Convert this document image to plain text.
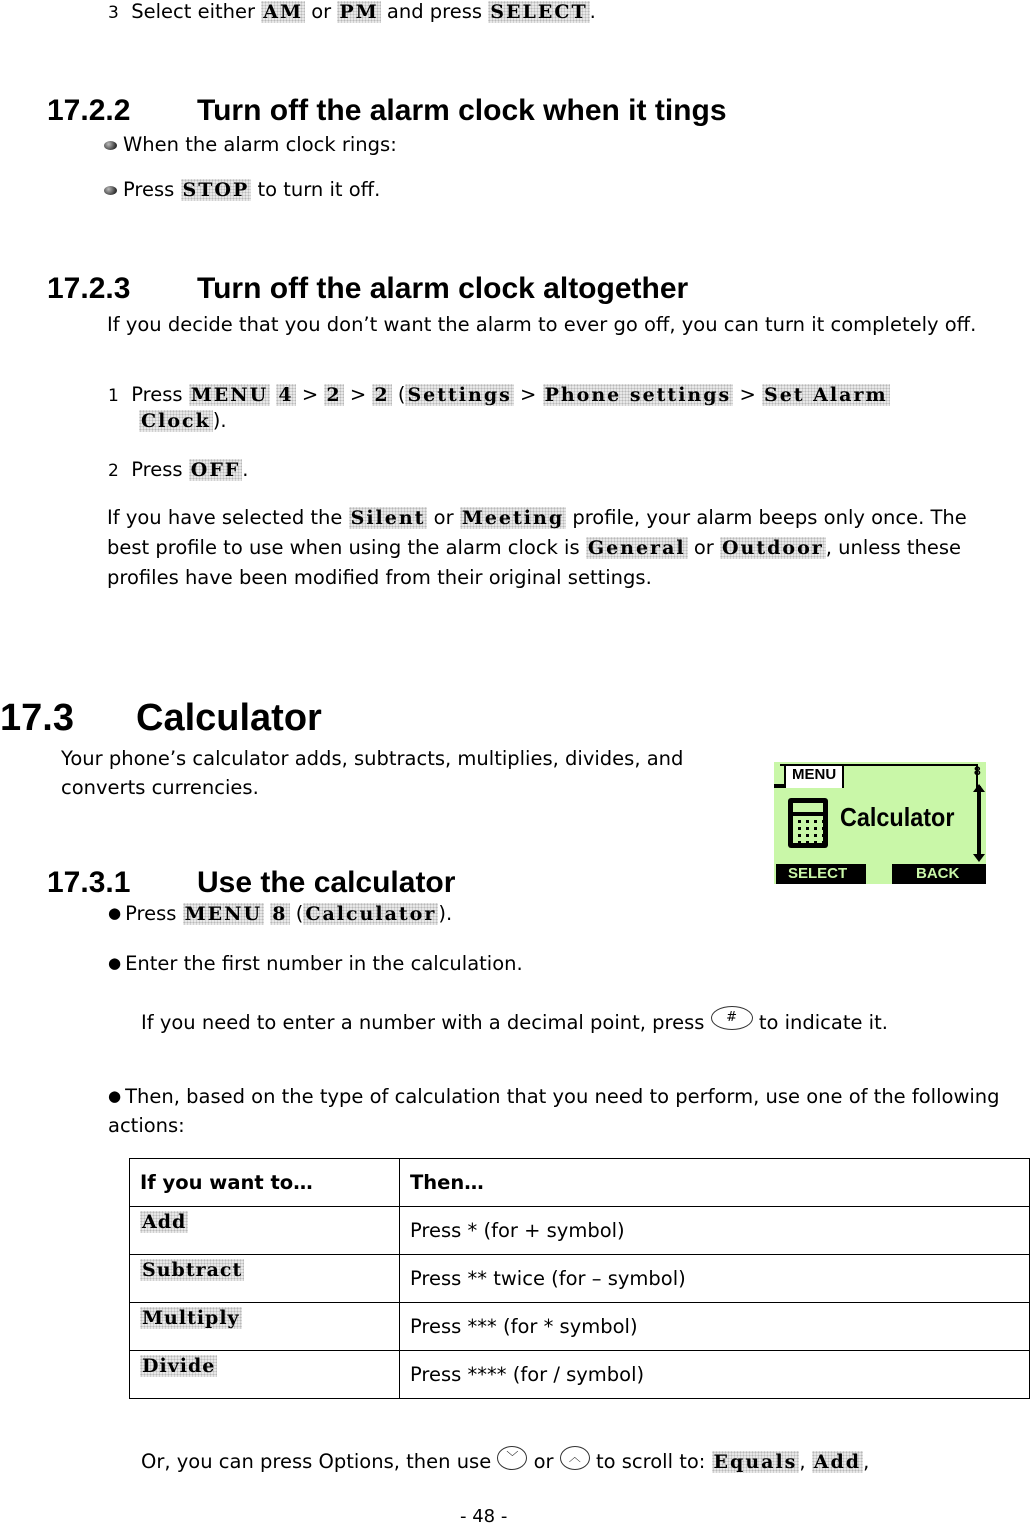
3 Select either AM or PM and press SELECT .
17.2.2 Turn off the alarm clock when it tings
When the alarm clock rings:
Press STOP to turn it off.
17.2.3 Turn off the alarm clock altogether
If you decide that you don’t want the alarm to ever go off, you can turn it completely off.
1 Press MENU 4 > 2 > 2 ( Settings > Phone settings > Set Alarm
Clock ).
2 Press OFF .
If you have selected the Silent or Meeting profile, your alarm beeps only once. The best profile to use when using the alarm clock is General or Outdoor , unless these profiles have been modified from their original settings.
17.3 Calculator
Your phone’s calculator adds, subtracts, multiplies, divides, and converts currencies.
MENU	8
Calculator
SELECT	BACK
17.3.1 Use the calculator
● Press MENU 8 ( Calculator ).
● Enter the first number in the calculation.
If you need to enter a number with a decimal point, press # to indicate it.
● Then, based on the type of calculation that you need to perform, use one of the following actions:
If you want to…	Then…
Add	Press * (for + symbol)
Subtract	Press ** twice (for – symbol)
Multiply	Press *** (for * symbol)
Divide	Press **** (for / symbol)
Or, you can press Options, then use ﹀ or ︿ to scroll to: Equals , Add ,
- 48 -
